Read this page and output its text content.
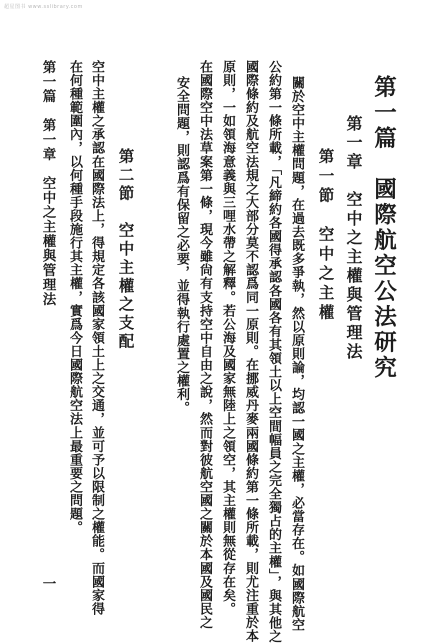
超星图书 www.sslibrary.com
第一篇　國際航空公法研究
第一章　空中之主權與管理法
第一節　空中之主權
關於空中主權問題，在過去既多爭執，然以原則論，均認一國之主權，必當存在。如國際航空
公約第一條所載，「凡締約各國得承認各國各有其領土以上空間幅員之完全獨占的主權」，與其他之
國際條約及航空法規之大部分莫不認爲同一原則。在挪威丹麥兩國條約第一條所載，則尤注重於本
原則，一如領海意義與三哩水帶之解釋。若公海及國家無陸上之領空，其主權則無從存在矣。
在國際空中法草案第一條，現今雖尙有支持空中自由之說，然而對彼航空國之關於本國及國民之
安全問題，則認爲有保留之必要，並得執行處置之權利。
第二節　空中主權之支配
空中主權之承認在國際法上，得規定各該國家領土上之交通，並可予以限制之權能。而國家得
在何種範圍內，以何種手段施行其主權，實爲今日國際航空法上最重要之問題。
第一篇　第一章　空中之主權與管理法一
